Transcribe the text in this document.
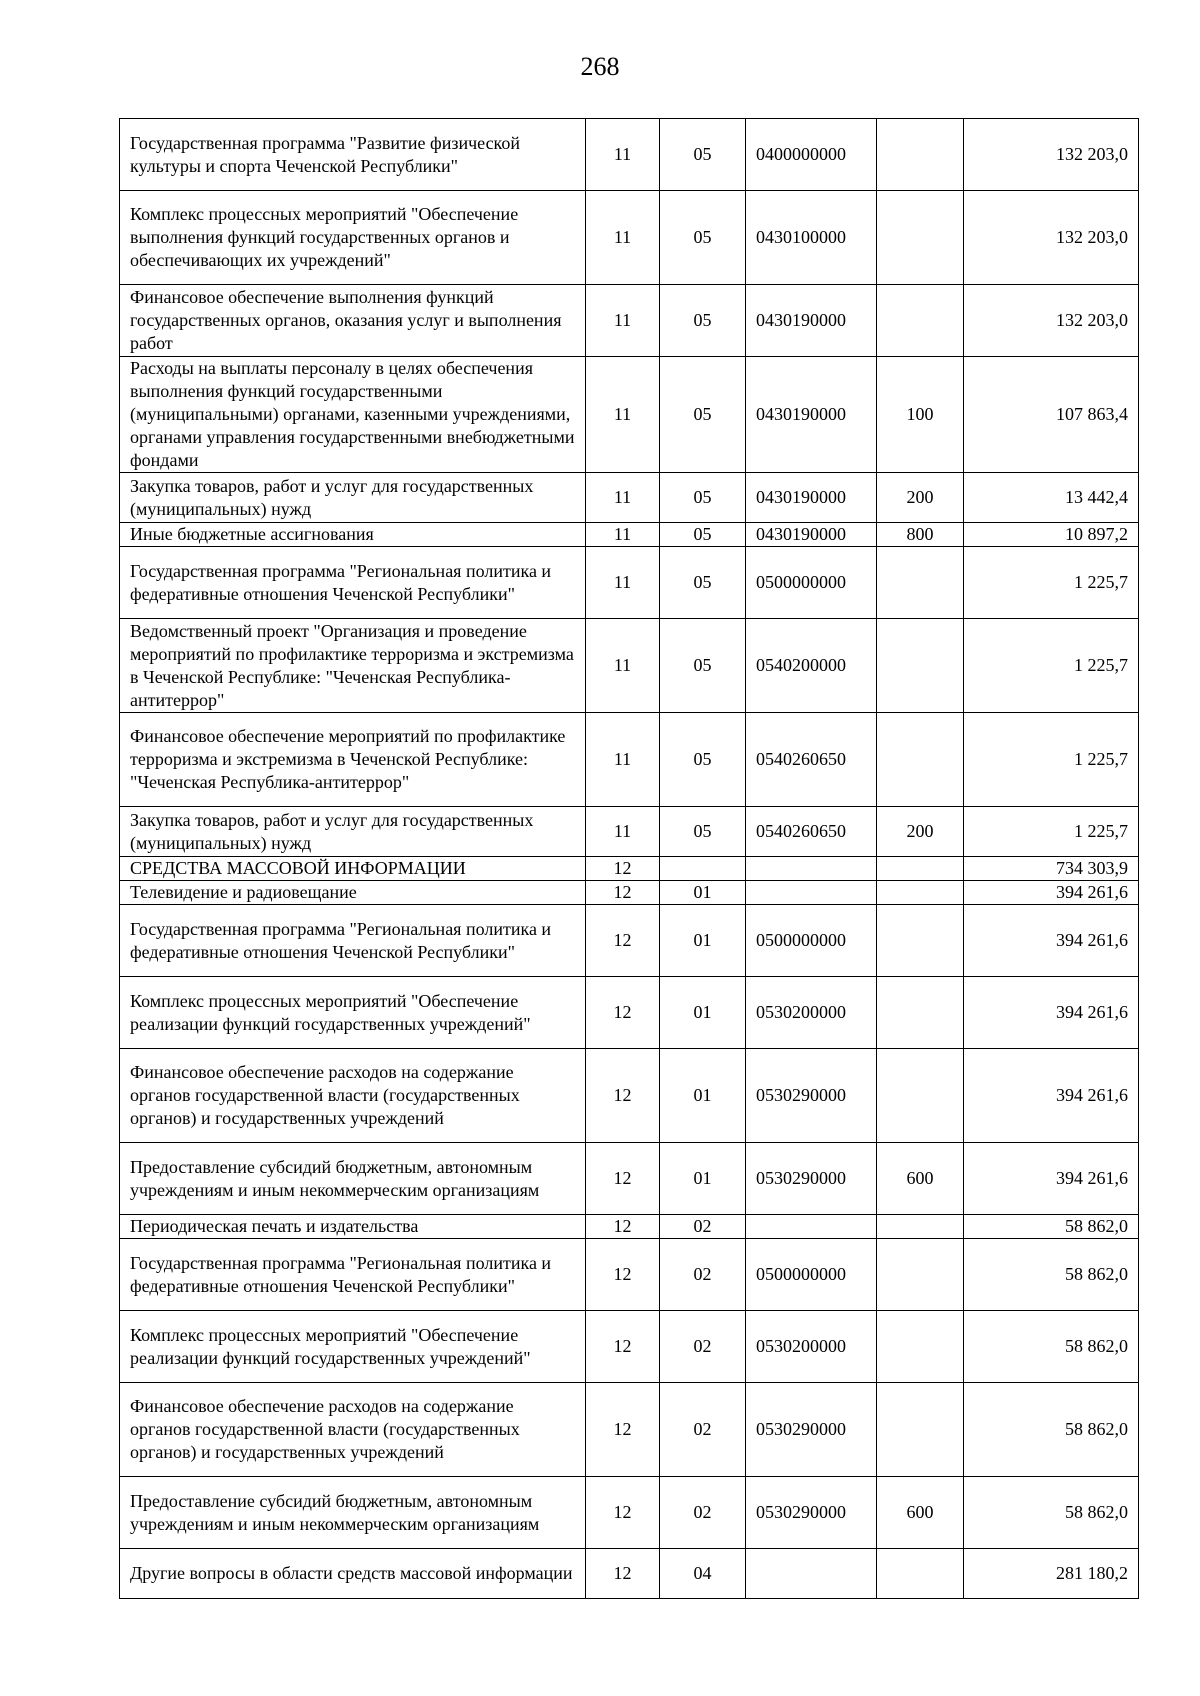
268
Государственная программа "Развитие физической культуры и спорта Чеченской Республики"	11	05	0400000000		132 203,0
Комплекс процессных мероприятий "Обеспечение выполнения функций государственных органов и обеспечивающих их учреждений"	11	05	0430100000		132 203,0
Финансовое обеспечение выполнения функций государственных органов, оказания услуг и выполнения работ	11	05	0430190000		132 203,0
Расходы на выплаты персоналу в целях обеспечения выполнения функций государственными (муниципальными) органами, казенными учреждениями, органами управления государственными внебюджетными фондами	11	05	0430190000	100	107 863,4
Закупка товаров, работ и услуг для государственных (муниципальных) нужд	11	05	0430190000	200	13 442,4
Иные бюджетные ассигнования	11	05	0430190000	800	10 897,2
Государственная программа "Региональная политика и федеративные отношения Чеченской Республики"	11	05	0500000000		1 225,7
Ведомственный проект "Организация и проведение мероприятий по профилактике терроризма и экстремизма в Чеченской Республике: "Чеченская Республика-антитеррор"	11	05	0540200000		1 225,7
Финансовое обеспечение мероприятий по профилактике терроризма и экстремизма в Чеченской Республике: "Чеченская Республика-антитеррор"	11	05	0540260650		1 225,7
Закупка товаров, работ и услуг для государственных (муниципальных) нужд	11	05	0540260650	200	1 225,7
СРЕДСТВА МАССОВОЙ ИНФОРМАЦИИ	12				734 303,9
Телевидение и радиовещание	12	01			394 261,6
Государственная программа "Региональная политика и федеративные отношения Чеченской Республики"	12	01	0500000000		394 261,6
Комплекс процессных мероприятий "Обеспечение реализации функций государственных учреждений"	12	01	0530200000		394 261,6
Финансовое обеспечение расходов на содержание органов государственной власти (государственных органов) и государственных учреждений	12	01	0530290000		394 261,6
Предоставление субсидий бюджетным, автономным учреждениям и иным некоммерческим организациям	12	01	0530290000	600	394 261,6
Периодическая печать и издательства	12	02			58 862,0
Государственная программа "Региональная политика и федеративные отношения Чеченской Республики"	12	02	0500000000		58 862,0
Комплекс процессных мероприятий "Обеспечение реализации функций государственных учреждений"	12	02	0530200000		58 862,0
Финансовое обеспечение расходов на содержание органов государственной власти (государственных органов) и государственных учреждений	12	02	0530290000		58 862,0
Предоставление субсидий бюджетным, автономным учреждениям и иным некоммерческим организациям	12	02	0530290000	600	58 862,0
Другие вопросы в области средств массовой информации	12	04			281 180,2
